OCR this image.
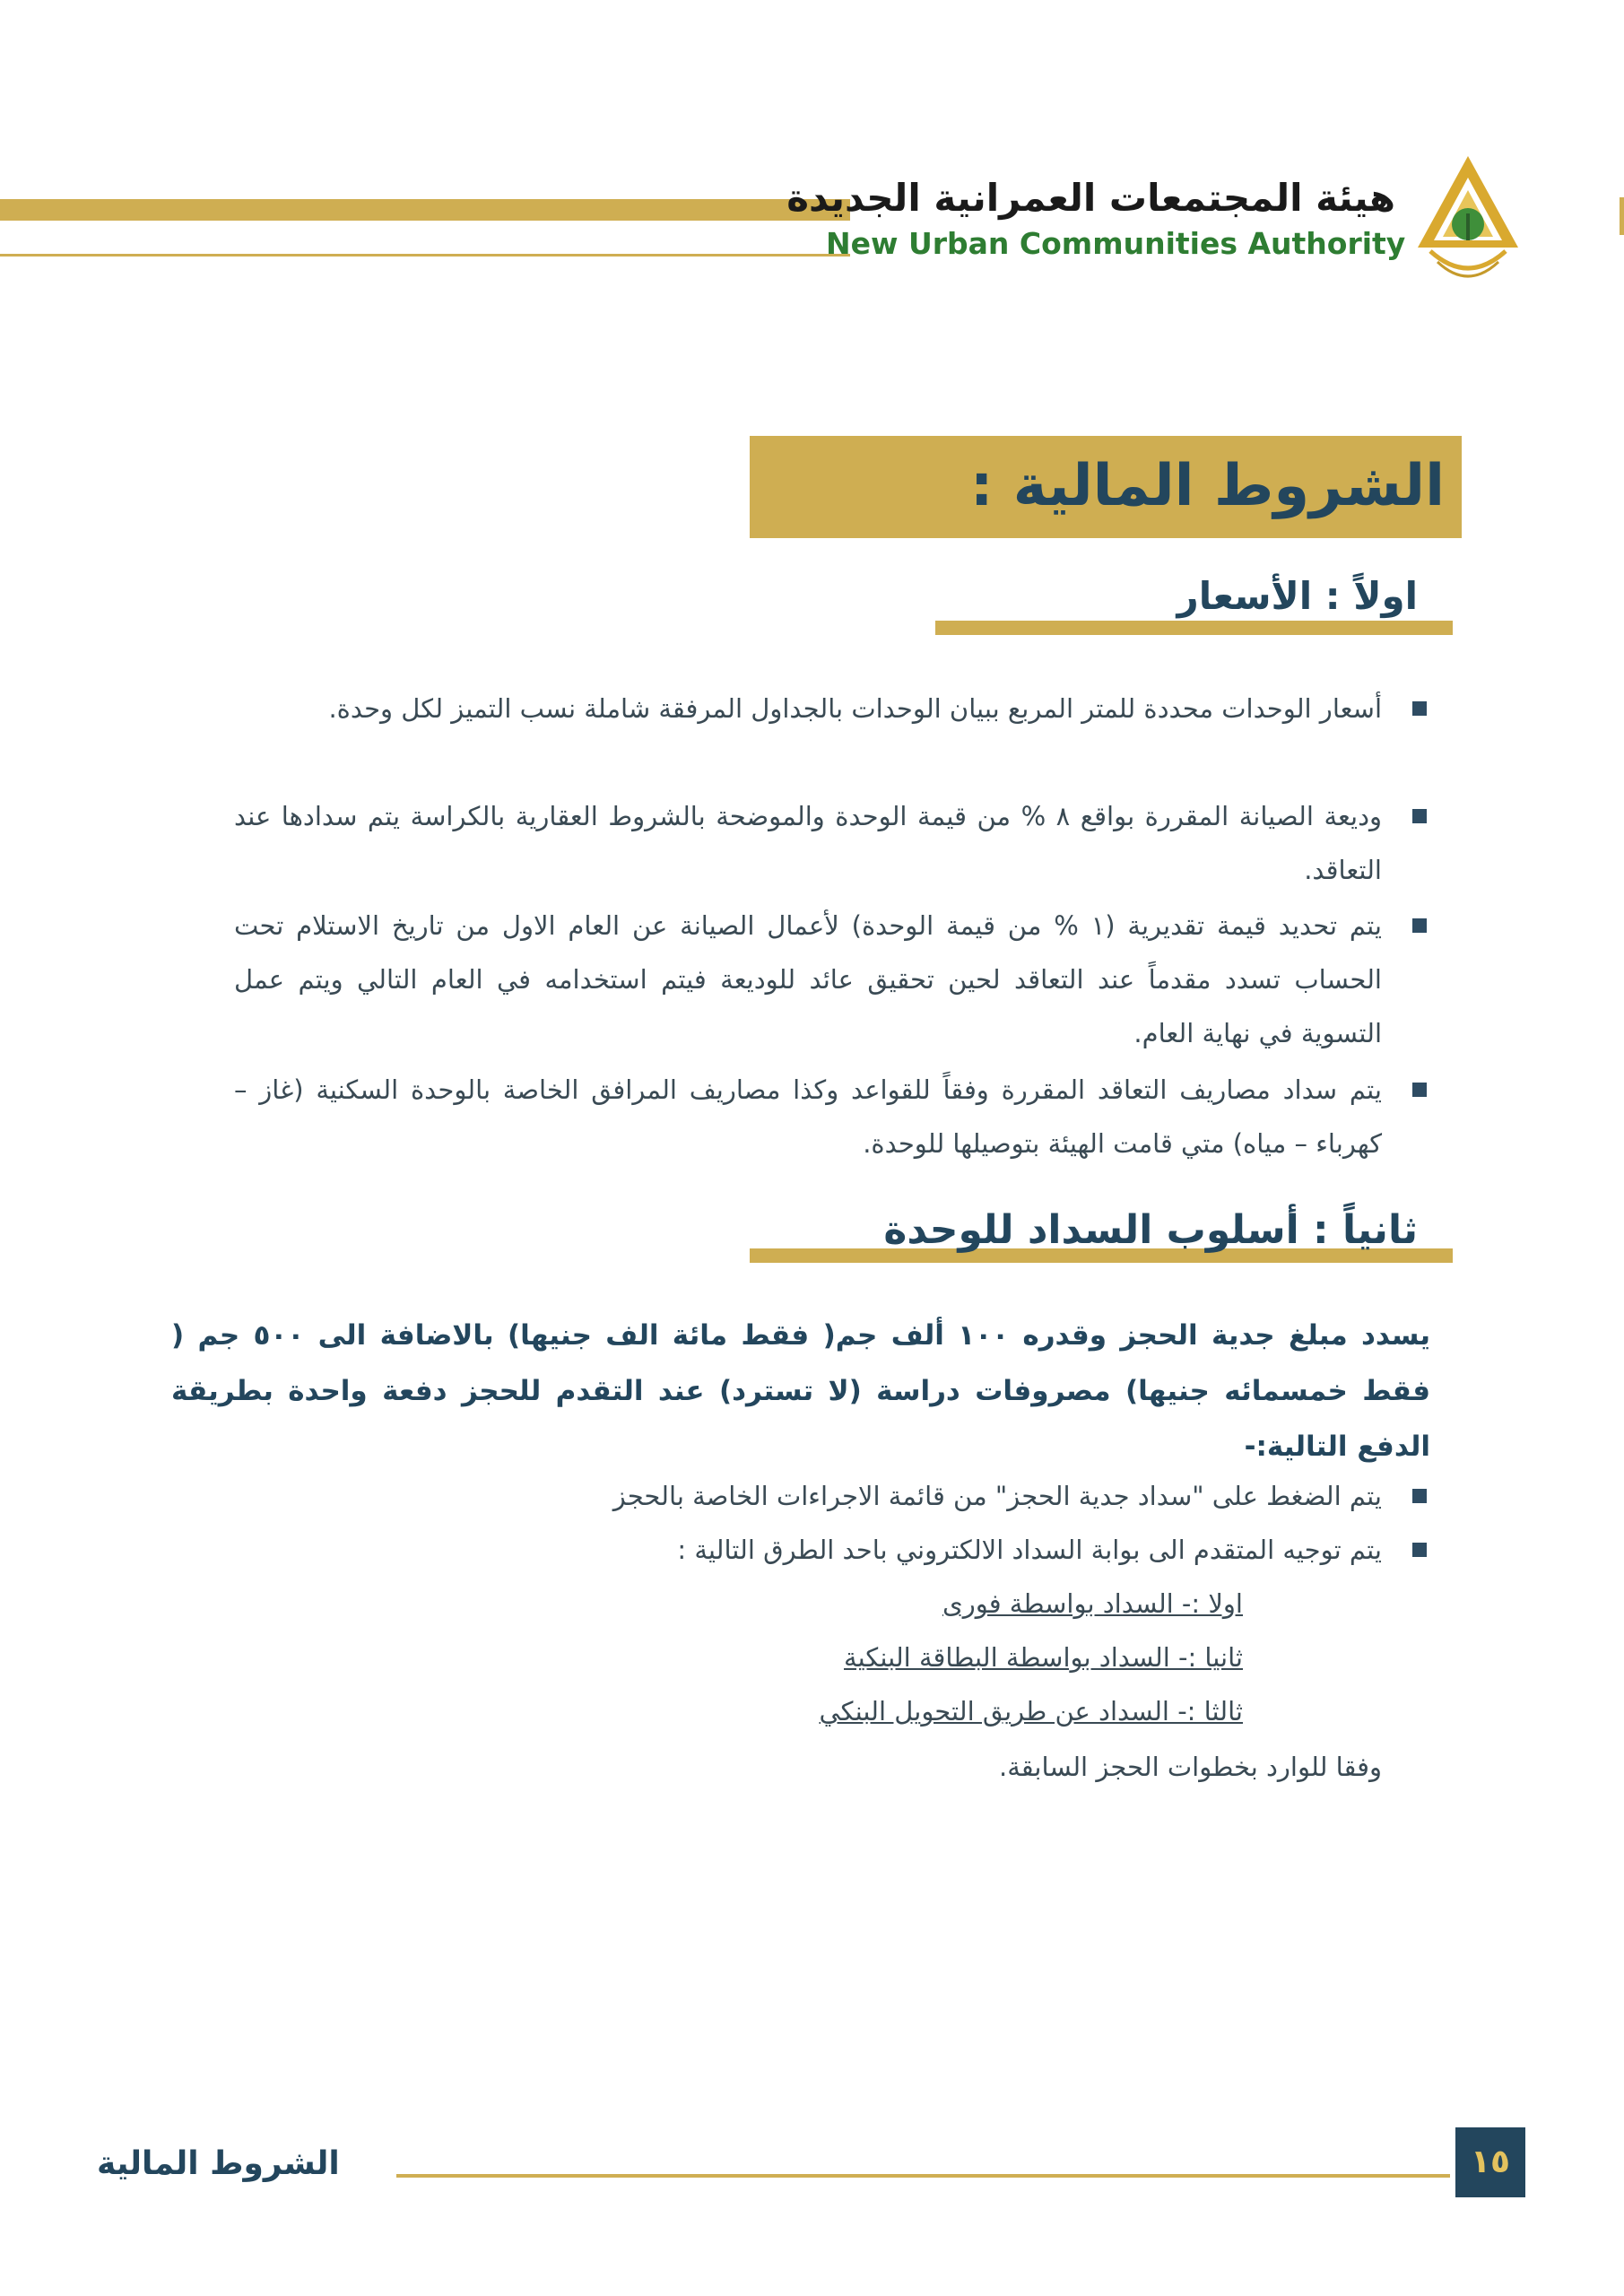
هيئة المجتمعات العمرانية الجديدة
New Urban Communities Authority
الشروط المالية :
اولاً : الأسعار
أسعار الوحدات محددة للمتر المربع ببيان الوحدات بالجداول المرفقة شاملة نسب التميز لكل وحدة.
وديعة الصيانة المقررة بواقع ٨ % من قيمة الوحدة والموضحة بالشروط العقارية بالكراسة يتم سدادها عند التعاقد.
يتم تحديد قيمة تقديرية (١ % من قيمة الوحدة) لأعمال الصيانة عن العام الاول من تاريخ الاستلام تحت الحساب تسدد مقدماً عند التعاقد لحين تحقيق عائد للوديعة فيتم استخدامه في العام التالي ويتم عمل التسوية في نهاية العام.
يتم سداد مصاريف التعاقد المقررة وفقاً للقواعد وكذا مصاريف المرافق الخاصة بالوحدة السكنية (غاز – كهرباء – مياه) متي قامت الهيئة بتوصيلها للوحدة.
ثانياً : أسلوب السداد للوحدة
يسدد مبلغ جدية الحجز وقدره ١٠٠ ألف جم( فقط مائة الف جنيها) بالاضافة الى ٥٠٠ جم ( فقط خمسمائه جنيها) مصروفات دراسة (لا تسترد) عند التقدم للحجز دفعة واحدة بطريقة الدفع التالية:-
يتم الضغط على "سداد جدية الحجز" من قائمة الاجراءات الخاصة بالحجز
يتم توجيه المتقدم الى بوابة السداد الالكتروني باحد الطرق التالية :
اولا :- السداد بواسطة فورى
ثانيا :- السداد بواسطة البطاقة البنكية
ثالثا :- السداد عن طريق التحويل البنكي
وفقا للوارد بخطوات الحجز السابقة.
الشروط المالية	١٥
